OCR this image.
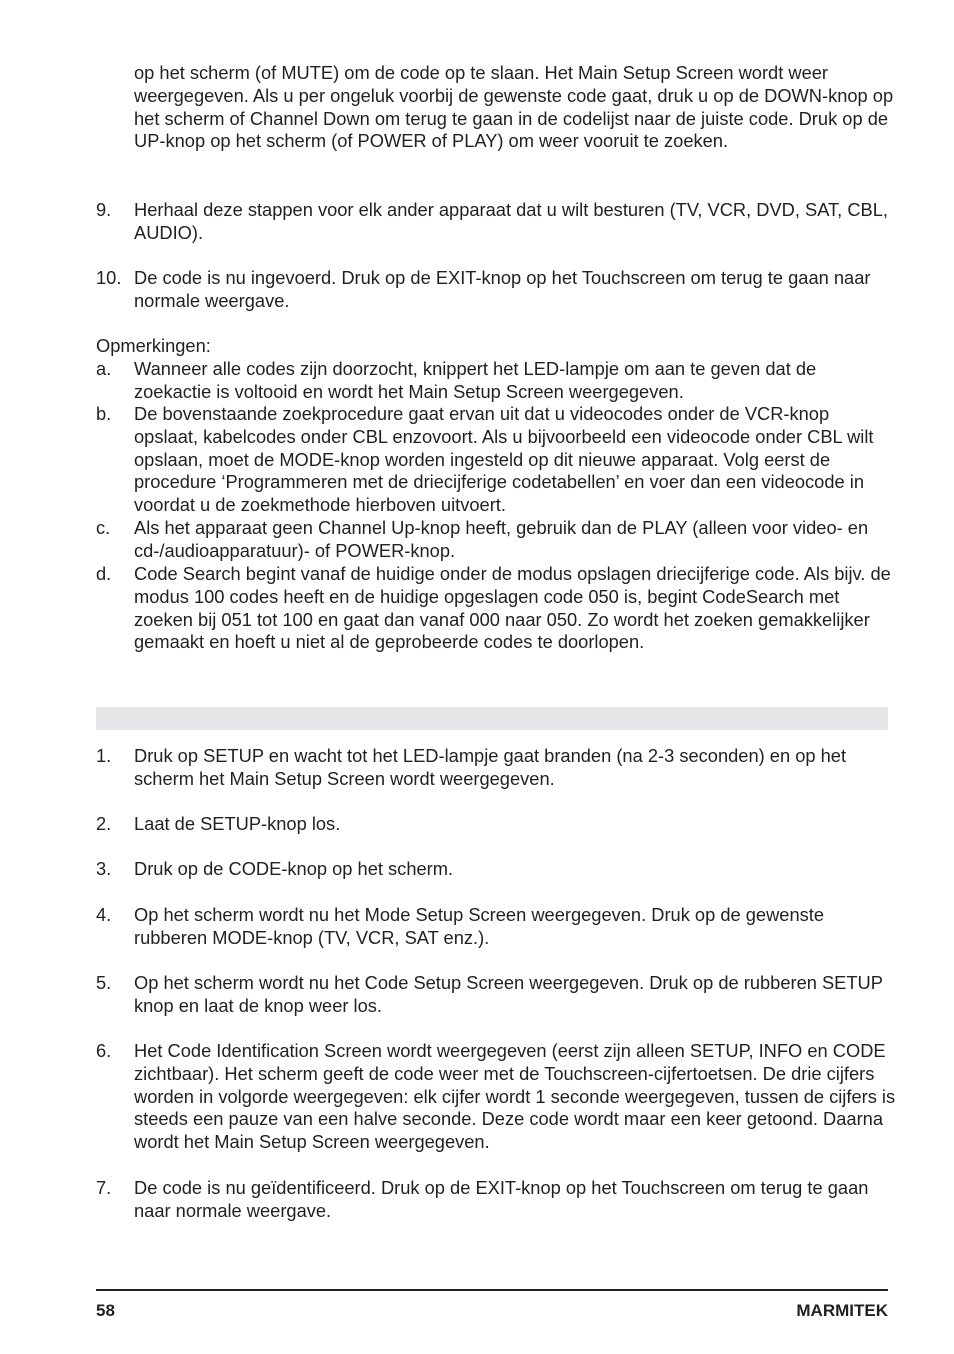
op het scherm (of MUTE) om de code op te slaan. Het Main Setup Screen wordt weer weergegeven. Als u per ongeluk voorbij de gewenste code gaat, druk u op de DOWN-knop op het scherm of Channel Down om terug te gaan in de codelijst naar de juiste code. Druk op de UP-knop op het scherm (of POWER of PLAY) om weer vooruit te zoeken.
9.	Herhaal deze stappen voor elk ander apparaat dat u wilt besturen (TV, VCR, DVD, SAT, CBL, AUDIO).
10. De code is nu ingevoerd. Druk op de EXIT-knop op het Touchscreen om terug te gaan naar normale weergave.
Opmerkingen:
a.	Wanneer alle codes zijn doorzocht, knippert het LED-lampje om aan te geven dat de zoekactie is voltooid en wordt het Main Setup Screen weergegeven.
b.	De bovenstaande zoekprocedure gaat ervan uit dat u videocodes onder de VCR-knop opslaat, kabelcodes onder CBL enzovoort. Als u bijvoorbeeld een videocode onder CBL wilt opslaan, moet de MODE-knop worden ingesteld op dit nieuwe apparaat. Volg eerst de procedure ‘Programmeren met de driecijferige codetabellen’ en voer dan een videocode in voordat u de zoekmethode hierboven uitvoert.
c.	Als het apparaat geen Channel Up-knop heeft, gebruik dan de PLAY (alleen voor video- en cd-/audioapparatuur)- of POWER-knop.
d.	Code Search begint vanaf de huidige onder de modus opslagen driecijferige code. Als bijv. de modus 100 codes heeft en de huidige opgeslagen code 050 is, begint CodeSearch met zoeken bij 051 tot 100 en gaat dan vanaf 000 naar 050. Zo wordt het zoeken gemakkelijker gemaakt en hoeft u niet al de geprobeerde codes te doorlopen.
1.	Druk op SETUP en wacht tot het LED-lampje gaat branden (na 2-3 seconden) en op het scherm het Main Setup Screen wordt weergegeven.
2.	Laat de SETUP-knop los.
3.	Druk op de CODE-knop op het scherm.
4.	Op het scherm wordt nu het Mode Setup Screen weergegeven. Druk op de gewenste rubberen MODE-knop (TV, VCR, SAT enz.).
5.	Op het scherm wordt nu het Code Setup Screen weergegeven. Druk op de rubberen SETUP knop en laat de knop weer los.
6.	Het Code Identification Screen wordt weergegeven (eerst zijn alleen SETUP, INFO en CODE zichtbaar). Het scherm geeft de code weer met de Touchscreen-cijfertoetsen. De drie cijfers worden in volgorde weergegeven: elk cijfer wordt 1 seconde weergegeven, tussen de cijfers is steeds een pauze van een halve seconde. Deze code wordt maar een keer getoond. Daarna wordt het Main Setup Screen weergegeven.
7.	De code is nu geïdentificeerd. Druk op de EXIT-knop op het Touchscreen om terug te gaan naar normale weergave.
58	MARMITEK
